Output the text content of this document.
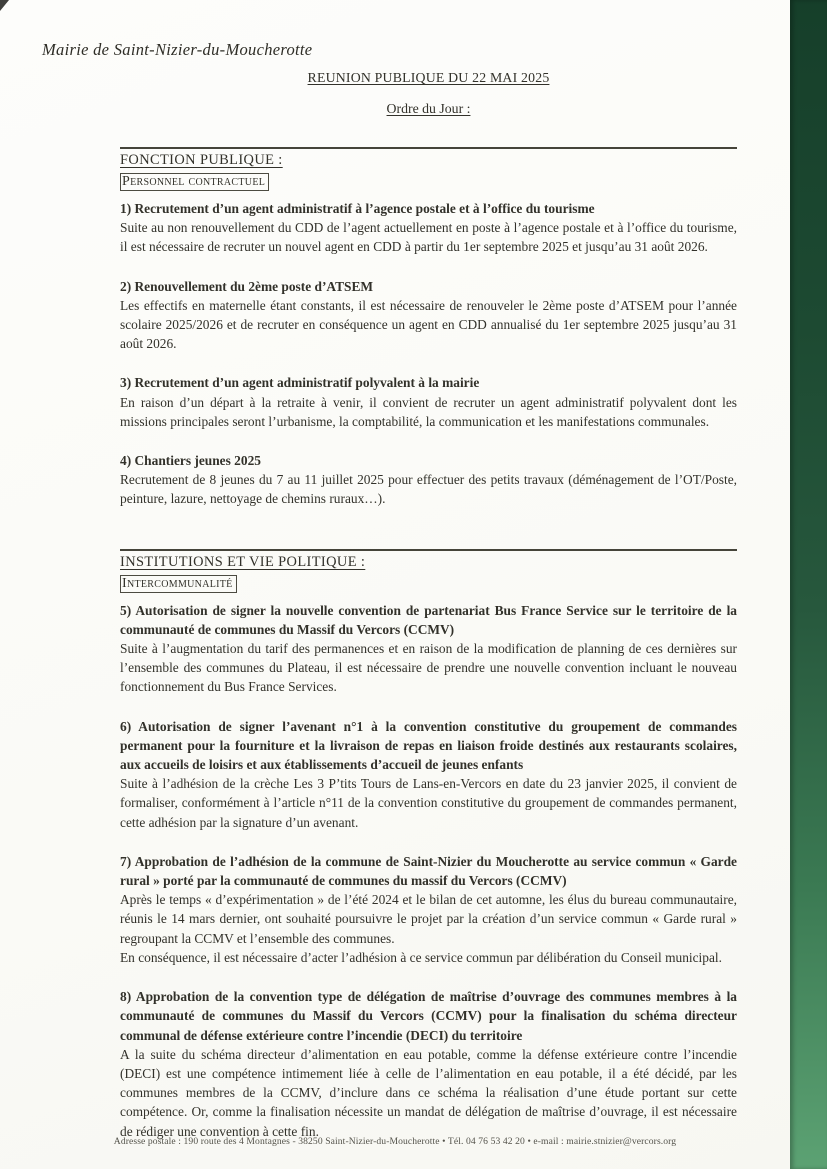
Mairie de Saint-Nizier-du-Moucherotte
REUNION PUBLIQUE DU 22 MAI 2025
Ordre du Jour :
FONCTION PUBLIQUE :
Personnel contractuel
1) Recrutement d’un agent administratif à l’agence postale et à l’office du tourisme

Suite au non renouvellement du CDD de l’agent actuellement en poste à l’agence postale et à l’office du tourisme, il est nécessaire de recruter un nouvel agent en CDD à partir du 1er septembre 2025 et jusqu’au 31 août 2026.

2) Renouvellement du 2ème poste d’ATSEM

Les effectifs en maternelle étant constants, il est nécessaire de renouveler le 2ème poste d’ATSEM pour l’année scolaire 2025/2026 et de recruter en conséquence un agent en CDD annualisé du 1er septembre 2025 jusqu’au 31 août 2026.

3) Recrutement d’un agent administratif polyvalent à la mairie

En raison d’un départ à la retraite à venir, il convient de recruter un agent administratif polyvalent dont les missions principales seront l’urbanisme, la comptabilité, la communication et les manifestations communales.

4) Chantiers jeunes 2025

Recrutement de 8 jeunes du 7 au 11 juillet 2025 pour effectuer des petits travaux (déménagement de l’OT/Poste, peinture, lazure, nettoyage de chemins ruraux…).

INSTITUTIONS ET VIE POLITIQUE :
Intercommunalité
5) Autorisation de signer la nouvelle convention de partenariat Bus France Service sur le territoire de la communauté de communes du Massif du Vercors (CCMV)

Suite à l’augmentation du tarif des permanences et en raison de la modification de planning de ces dernières sur l’ensemble des communes du Plateau, il est nécessaire de prendre une nouvelle convention incluant le nouveau fonctionnement du Bus France Services.

6) Autorisation de signer l’avenant n°1 à la convention constitutive du groupement de commandes permanent pour la fourniture et la livraison de repas en liaison froide destinés aux restaurants scolaires, aux accueils de loisirs et aux établissements d’accueil de jeunes enfants

Suite à l’adhésion de la crèche Les 3 P’tits Tours de Lans-en-Vercors en date du 23 janvier 2025, il convient de formaliser, conformément à l’article n°11 de la convention constitutive du groupement de commandes permanent, cette adhésion par la signature d’un avenant.

7) Approbation de l’adhésion de la commune de Saint-Nizier du Moucherotte au service commun « Garde rural » porté par la communauté de communes du massif du Vercors (CCMV)

Après le temps « d’expérimentation » de l’été 2024 et le bilan de cet automne, les élus du bureau communautaire, réunis le 14 mars dernier, ont souhaité poursuivre le projet par la création d’un service commun « Garde rural » regroupant la CCMV et l’ensemble des communes.

En conséquence, il est nécessaire d’acter l’adhésion à ce service commun par délibération du Conseil municipal.

8) Approbation de la convention type de délégation de maîtrise d’ouvrage des communes membres à la communauté de communes du Massif du Vercors (CCMV) pour la finalisation du schéma directeur communal de défense extérieure contre l’incendie (DECI) du territoire

A la suite du schéma directeur d’alimentation en eau potable, comme la défense extérieure contre l’incendie (DECI) est une compétence intimement liée à celle de l’alimentation en eau potable, il a été décidé, par les communes membres de la CCMV, d’inclure dans ce schéma la réalisation d’une étude portant sur cette compétence. Or, comme la finalisation nécessite un mandat de délégation de maîtrise d’ouvrage, il est nécessaire de rédiger une convention à cette fin.

Adresse postale : 190 route des 4 Montagnes - 38250 Saint-Nizier-du-Moucherotte • Tél. 04 76 53 42 20 • e-mail : mairie.stnizier@vercors.org
